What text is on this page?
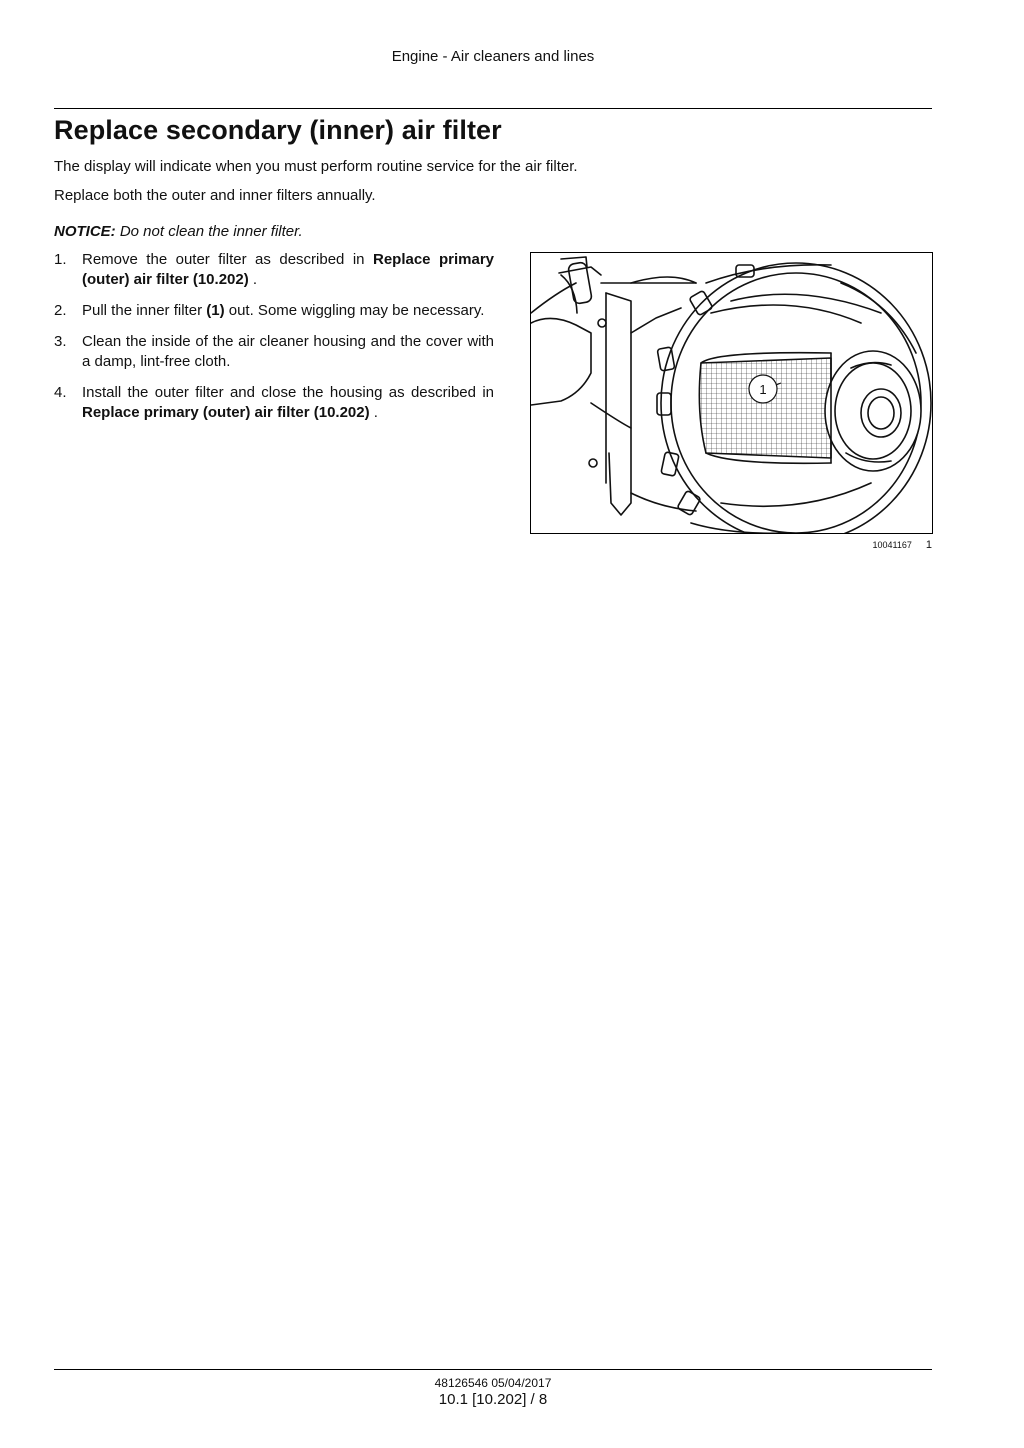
Engine - Air cleaners and lines
Replace secondary (inner) air filter

The display will indicate when you must perform routine service for the air filter.

Replace both the outer and inner filters annually.

NOTICE: Do not clean the inner filter.

1. Remove the outer filter as described in Replace primary (outer) air filter (10.202) .
2. Pull the inner filter (1) out. Some wiggling may be necessary.
3. Clean the inside of the air cleaner housing and the cover with a damp, lint-free cloth.
4. Install the outer filter and close the housing as described in Replace primary (outer) air filter (10.202) .
1
10041167 1
48126546 05/04/2017
10.1 [10.202] / 8
